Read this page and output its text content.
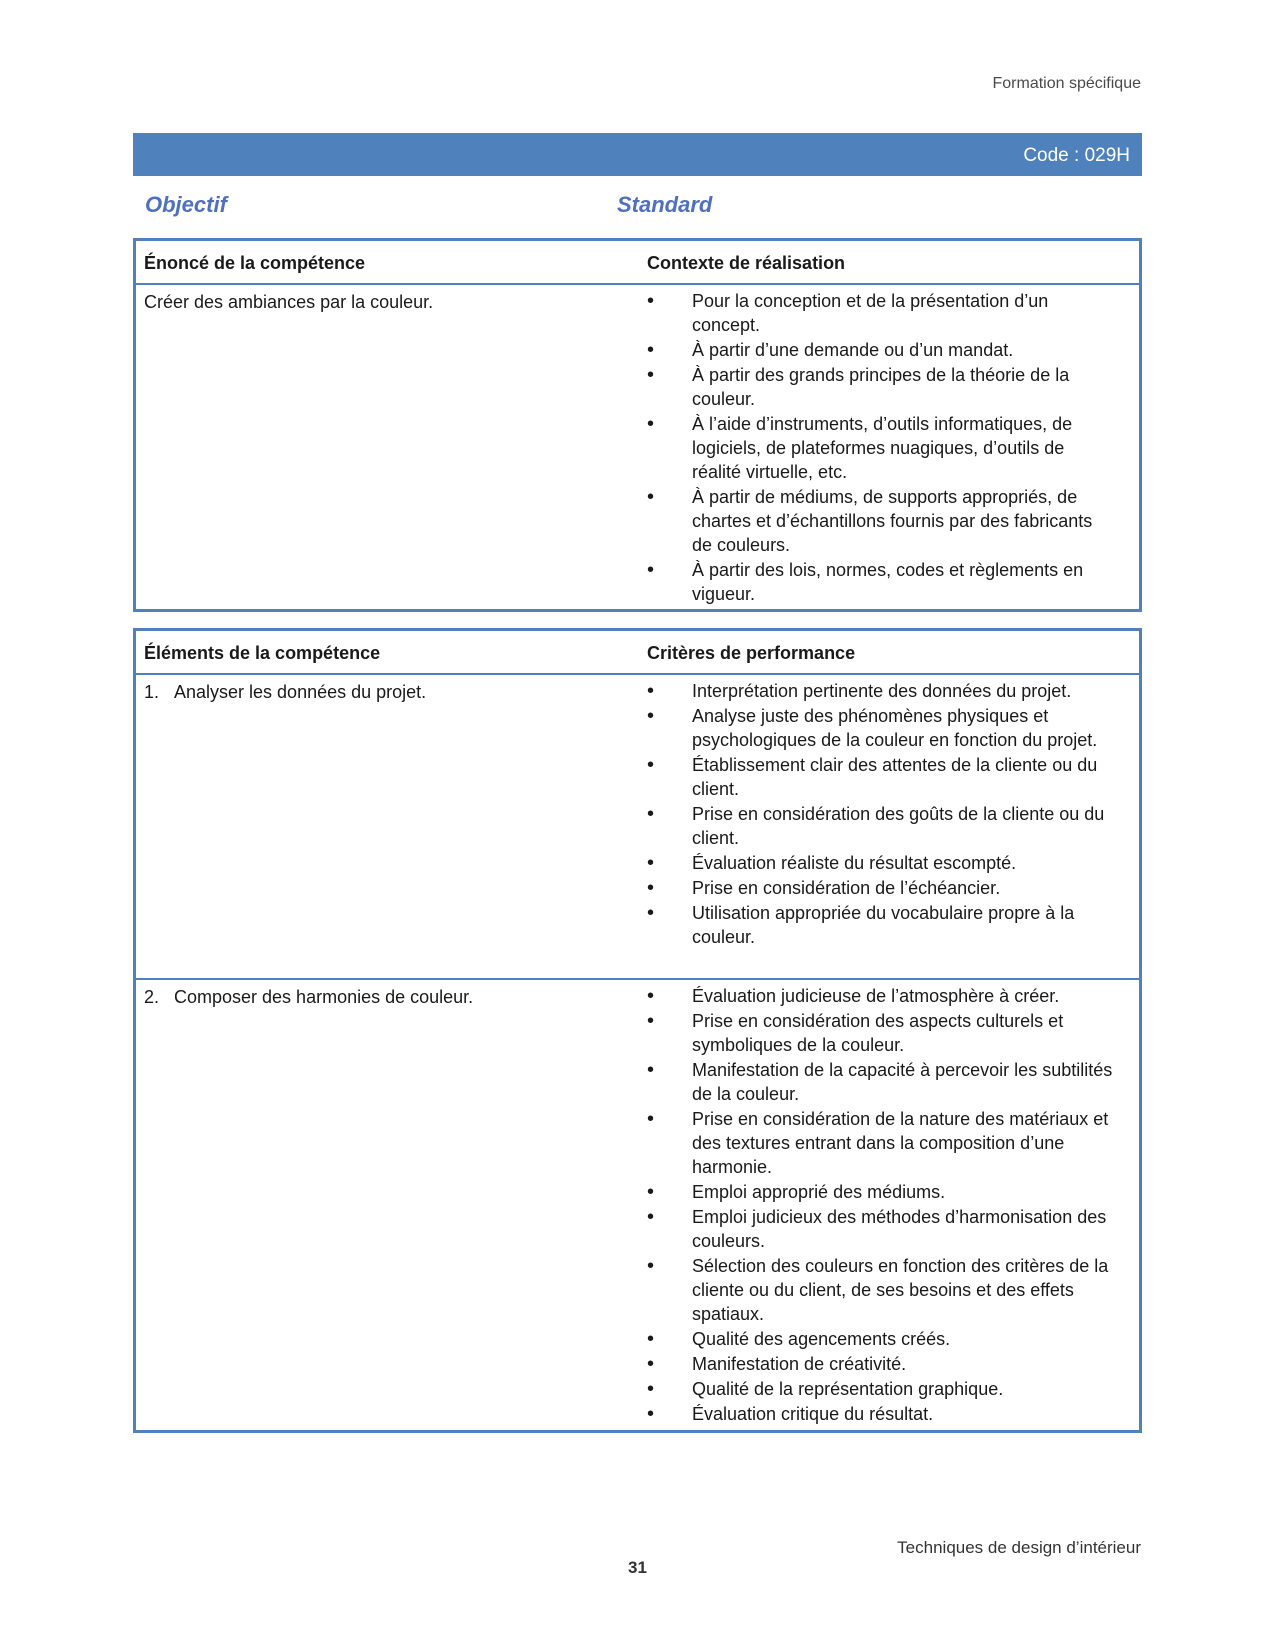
Formation spécifique
Code : 029H
Objectif	Standard
Énoncé de la compétence	Contexte de réalisation
Créer des ambiances par la couleur.	• Pour la conception et de la présentation d’un concept.
• À partir d’une demande ou d’un mandat.
• À partir des grands principes de la théorie de la couleur.
• À l’aide d’instruments, d’outils informatiques, de logiciels, de plateformes nuagiques, d’outils de réalité virtuelle, etc.
• À partir de médiums, de supports appropriés, de chartes et d’échantillons fournis par des fabricants de couleurs.
• À partir des lois, normes, codes et règlements en vigueur.
Éléments de la compétence	Critères de performance
1. Analyser les données du projet.	• Interprétation pertinente des données du projet.
• Analyse juste des phénomènes physiques et psychologiques de la couleur en fonction du projet.
• Établissement clair des attentes de la cliente ou du client.
• Prise en considération des goûts de la cliente ou du client.
• Évaluation réaliste du résultat escompté.
• Prise en considération de l’échéancier.
• Utilisation appropriée du vocabulaire propre à la couleur.
2. Composer des harmonies de couleur.	• Évaluation judicieuse de l’atmosphère à créer.
• Prise en considération des aspects culturels et symboliques de la couleur.
• Manifestation de la capacité à percevoir les subtilités de la couleur.
• Prise en considération de la nature des matériaux et des textures entrant dans la composition d’une harmonie.
• Emploi approprié des médiums.
• Emploi judicieux des méthodes d’harmonisation des couleurs.
• Sélection des couleurs en fonction des critères de la cliente ou du client, de ses besoins et des effets spatiaux.
• Qualité des agencements créés.
• Manifestation de créativité.
• Qualité de la représentation graphique.
• Évaluation critique du résultat.
Techniques de design d’intérieur
31
